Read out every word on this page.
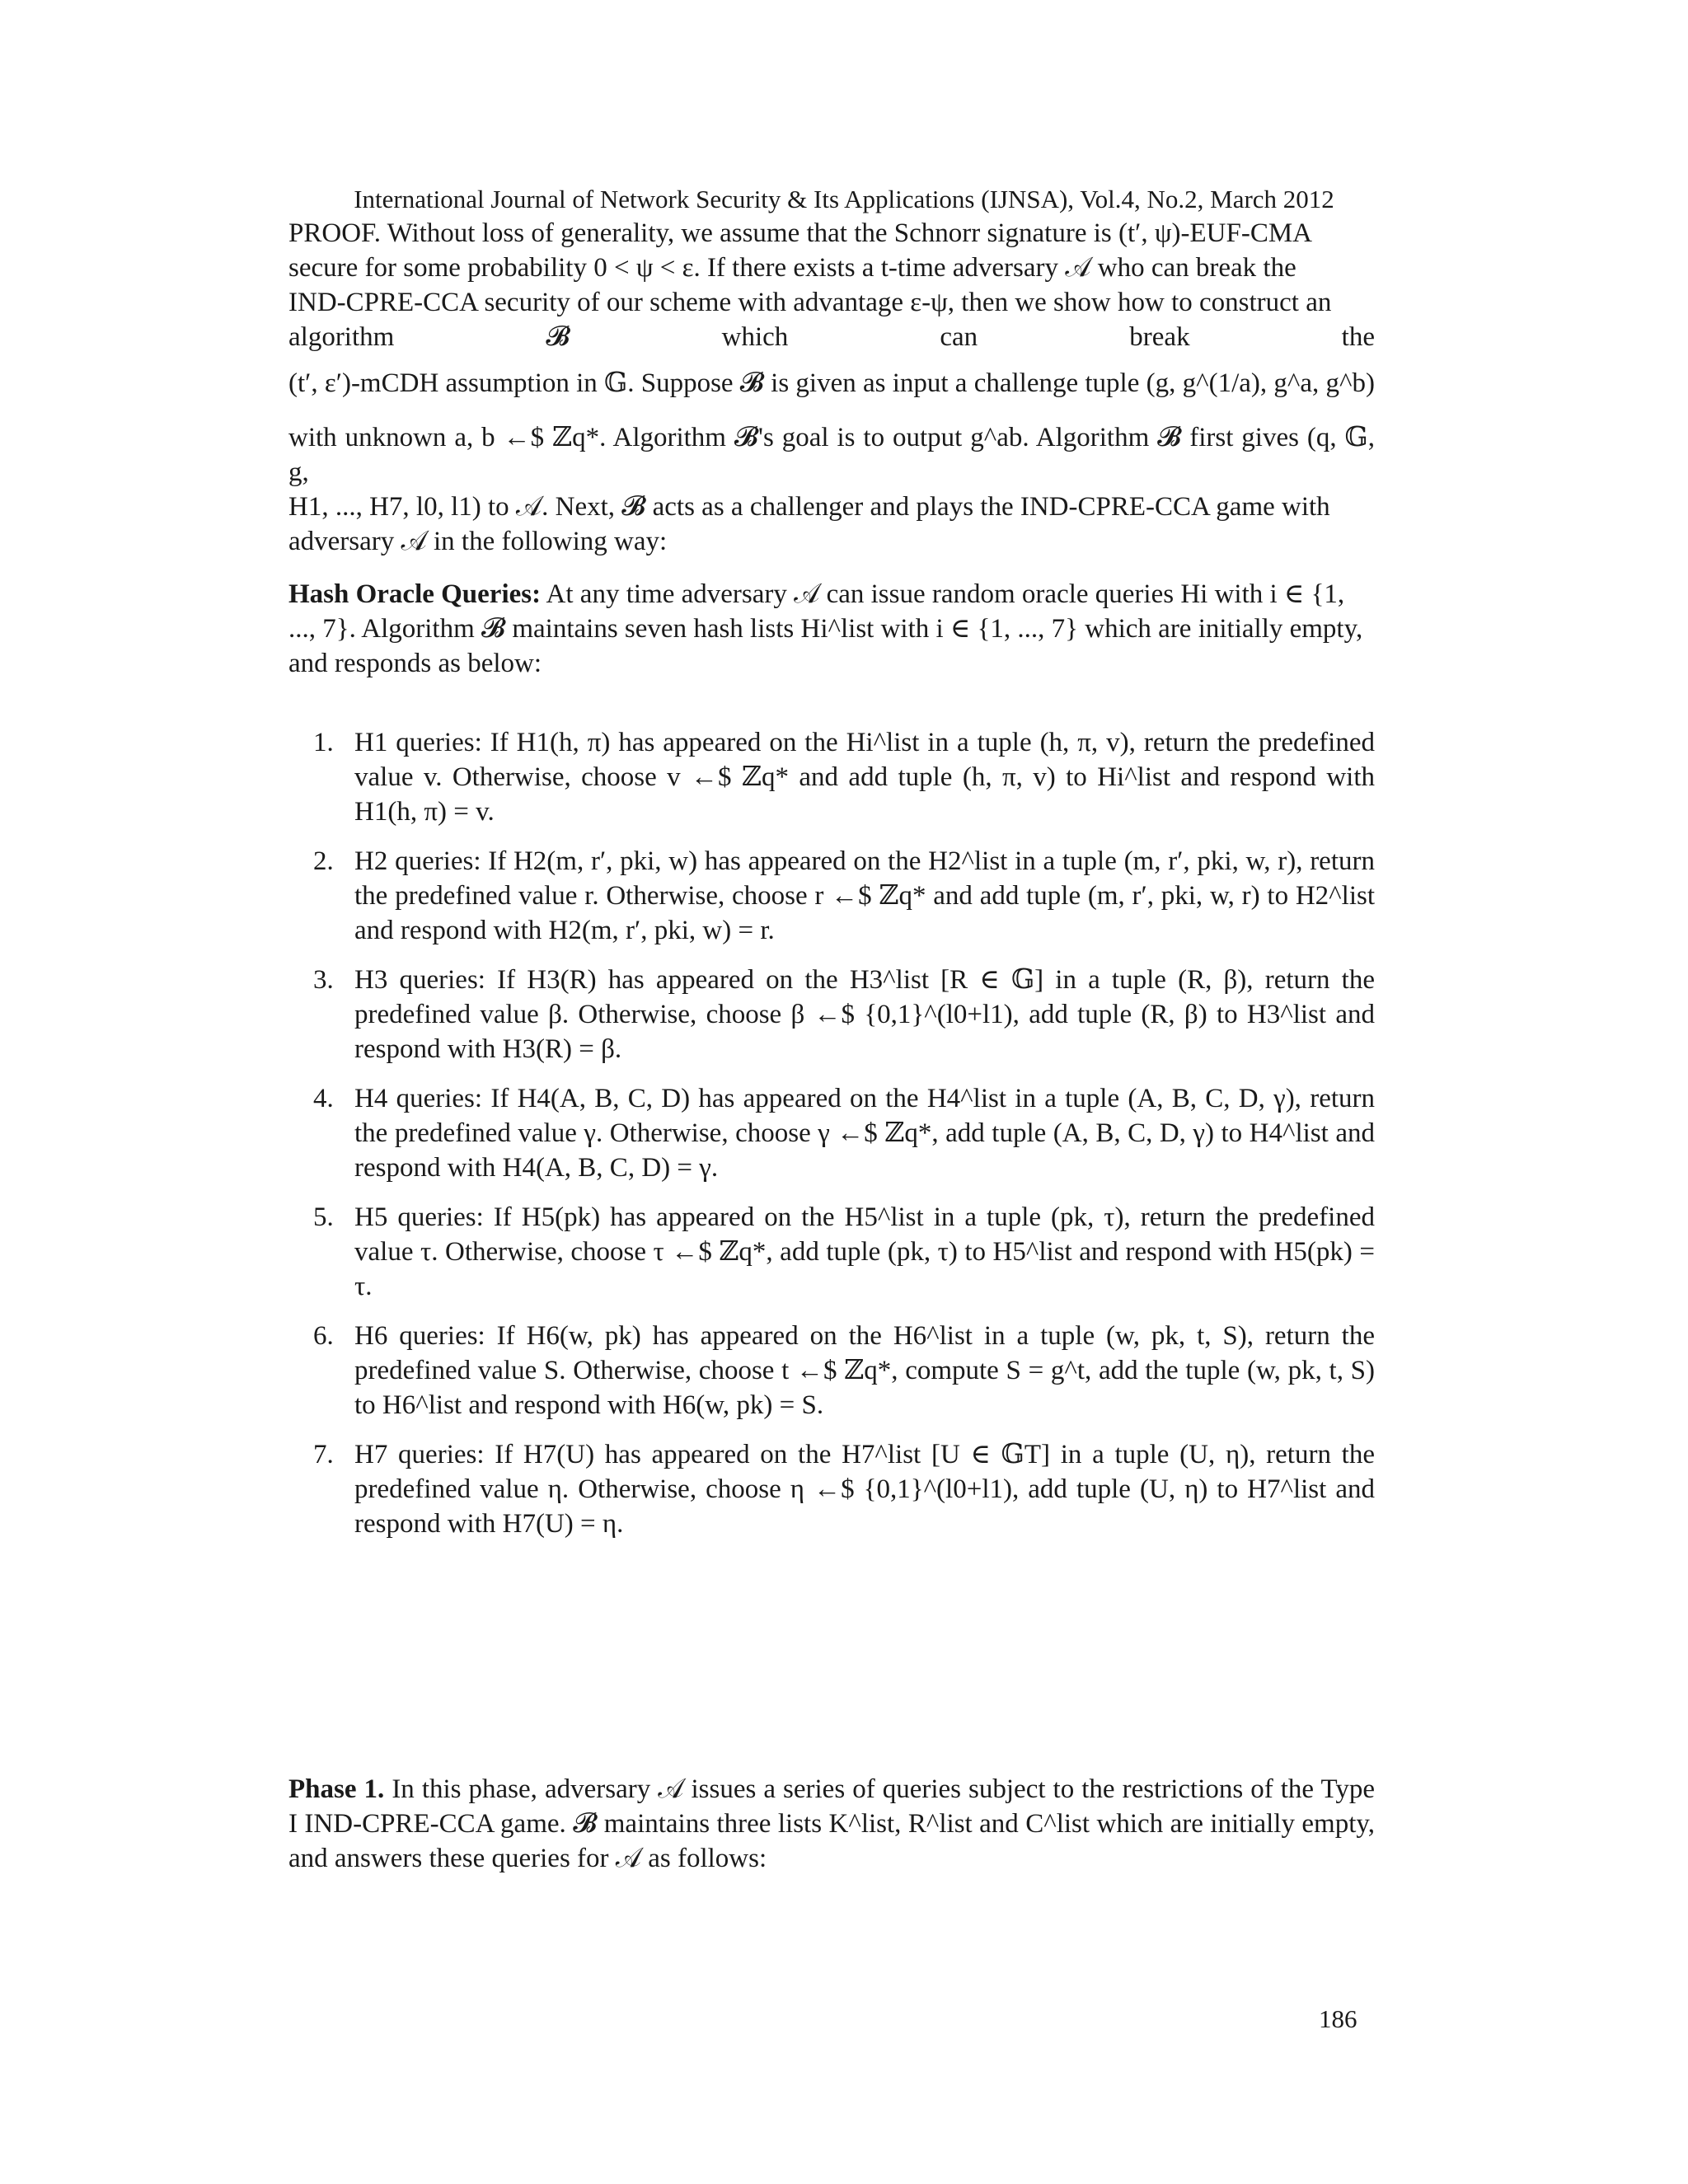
International Journal of Network Security & Its Applications (IJNSA), Vol.4, No.2, March 2012
PROOF. Without loss of generality, we assume that the Schnorr signature is (t′, ψ)-EUF-CMA
secure for some probability 0 < ψ < ε. If there exists a t-time adversary 𝒜 who can break the
IND-CPRE-CCA security of our scheme with advantage ε-ψ, then we show how to construct an
algorithm 𝓑 which can break the
(t′, ε′)-mCDH assumption in 𝔾. Suppose 𝓑 is given as input a challenge tuple (g, g^(1/a), g^a, g^b)
with unknown a, b ←$ ℤq*. Algorithm 𝓑's goal is to output g^ab. Algorithm 𝓑 first gives (q, 𝔾, g,
H1, ..., H7, l0, l1) to 𝒜. Next, 𝓑 acts as a challenger and plays the IND-CPRE-CCA game with
adversary 𝒜 in the following way:
Hash Oracle Queries: At any time adversary 𝒜 can issue random oracle queries Hi with i ∈ {1,
..., 7}. Algorithm 𝓑 maintains seven hash lists Hi^list with i ∈ {1, ..., 7} which are initially empty,
and responds as below:
1. H1 queries: If H1(h, π) has appeared on the Hi^list in a tuple (h, π, v), return the predefined value v. Otherwise, choose v ←$ ℤq* and add tuple (h, π, v) to Hi^list and respond with H1(h, π) = v.
2. H2 queries: If H2(m, r′, pki, w) has appeared on the H2^list in a tuple (m, r′, pki, w, r), return the predefined value r. Otherwise, choose r ←$ ℤq* and add tuple (m, r′, pki, w, r) to H2^list and respond with H2(m, r′, pki, w) = r.
3. H3 queries: If H3(R) has appeared on the H3^list [R ∈ 𝔾] in a tuple (R, β), return the predefined value β. Otherwise, choose β ←$ {0,1}^(l0+l1), add tuple (R, β) to H3^list and respond with H3(R) = β.
4. H4 queries: If H4(A, B, C, D) has appeared on the H4^list in a tuple (A, B, C, D, γ), return the predefined value γ. Otherwise, choose γ ←$ ℤq*, add tuple (A, B, C, D, γ) to H4^list and respond with H4(A, B, C, D) = γ.
5. H5 queries: If H5(pk) has appeared on the H5^list in a tuple (pk, τ), return the predefined value τ. Otherwise, choose τ ←$ ℤq*, add tuple (pk, τ) to H5^list and respond with H5(pk) = τ.
6. H6 queries: If H6(w, pk) has appeared on the H6^list in a tuple (w, pk, t, S), return the predefined value S. Otherwise, choose t ←$ ℤq*, compute S = g^t, add the tuple (w, pk, t, S) to H6^list and respond with H6(w, pk) = S.
7. H7 queries: If H7(U) has appeared on the H7^list [U ∈ 𝔾T] in a tuple (U, η), return the predefined value η. Otherwise, choose η ←$ {0,1}^(l0+l1), add tuple (U, η) to H7^list and respond with H7(U) = η.
Phase 1. In this phase, adversary 𝒜 issues a series of queries subject to the restrictions of the Type I IND-CPRE-CCA game. 𝓑 maintains three lists K^list, R^list and C^list which are initially empty, and answers these queries for 𝒜 as follows:
186
